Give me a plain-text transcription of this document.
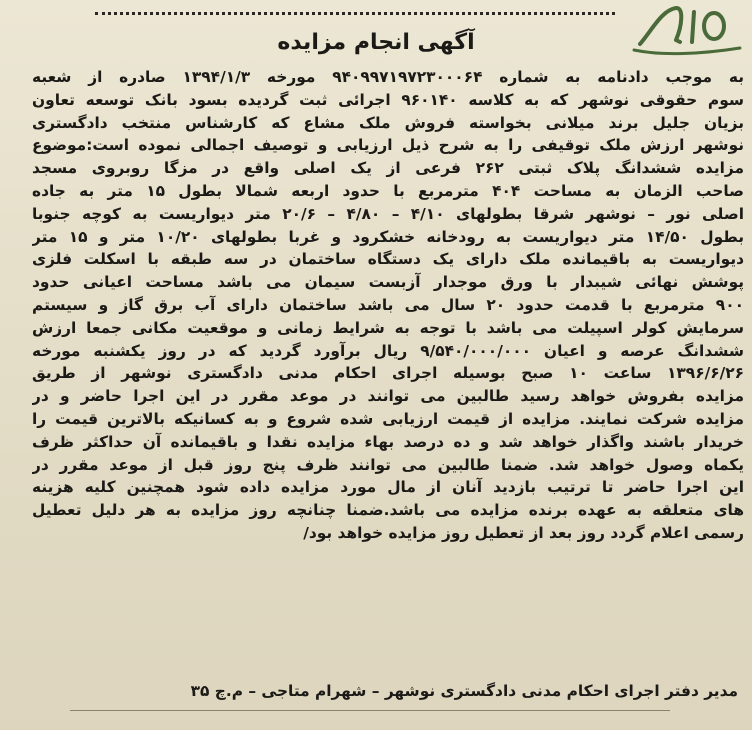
آگهی انجام مزایده
به موجب دادنامه به شماره ۹۴۰۹۹۷۱۹۷۲۳۰۰۰۶۴ مورخه ۱۳۹۴/۱/۳ صادره از شعبه
سوم حقوقی نوشهر که به کلاسه ۹۶۰۱۴۰ اجرائی ثبت گردیده بسود بانک توسعه تعاون
بزیان جلیل برند میلانی بخواسته فروش ملک مشاع که کارشناس منتخب دادگستری
نوشهر ارزش ملک توقیفی را به شرح ذیل ارزیابی و توصیف اجمالی نموده است:موضوع
مزایده ششدانگ پلاک ثبتی ۲۶۲ فرعی از یک اصلی واقع در مزگا روبروی مسجد
صاحب الزمان به مساحت ۴۰۴ مترمربع با حدود اربعه شمالا بطول ۱۵ متر به جاده
اصلی نور – نوشهر شرقا بطولهای ۴/۱۰ – ۴/۸۰ – ۲۰/۶ متر دیواریست به کوچه جنوبا
بطول ۱۴/۵۰ متر دیواریست به رودخانه خشکرود و غربا بطولهای ۱۰/۲۰ متر و ۱۵ متر
دیواریست به باقیمانده ملک دارای یک دستگاه ساختمان در سه طبقه با اسکلت فلزی
پوشش نهائی شیبدار با ورق موجدار آزبست سیمان می باشد مساحت اعیانی حدود
۹۰۰ مترمربع با قدمت حدود ۲۰ سال می باشد ساختمان دارای آب برق گاز و سیستم
سرمایش کولر اسپیلت می باشد با توجه به شرایط زمانی و موقعیت مکانی جمعا ارزش
ششدانگ عرصه و اعیان ۹/۵۴۰/۰۰۰/۰۰۰ ریال برآورد گردید که در روز یکشنبه مورخه
۱۳۹۶/۶/۲۶ ساعت ۱۰ صبح بوسیله اجرای احکام مدنی دادگستری نوشهر از طریق
مزایده بفروش خواهد رسید طالبین می توانند در موعد مقرر در این اجرا حاضر و در
مزایده شرکت نمایند. مزایده از قیمت ارزیابی شده شروع و به کسانیکه بالاترین قیمت را
خریدار باشند واگذار خواهد شد و ده درصد بهاء مزایده نقدا و باقیمانده آن حداکثر ظرف
یکماه وصول خواهد شد. ضمنا طالبین می توانند ظرف پنج روز قبل از موعد مقرر در
این اجرا حاضر تا ترتیب بازدید آنان از مال مورد مزایده داده شود همچنین کلیه هزینه
های متعلقه به عهده برنده مزایده می باشد.ضمنا چنانچه روز مزایده به هر دلیل تعطیل
رسمی اعلام گردد روز بعد از تعطیل روز مزایده خواهد بود/
مدیر دفتر اجرای احکام مدنی دادگستری نوشهر – شهرام متاجی – م.چ ۳۵
